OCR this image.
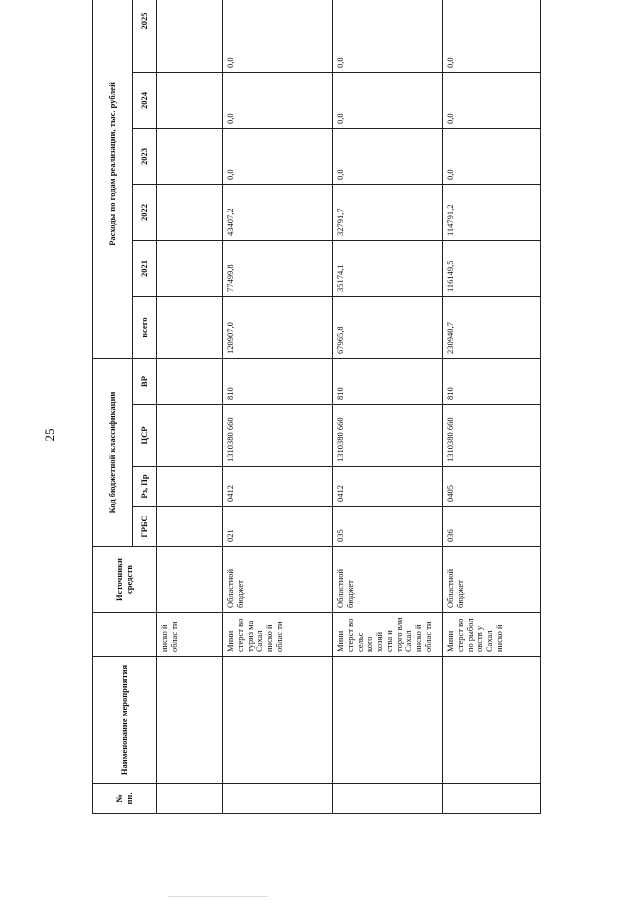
25
№ пп.	Наименование мероприятия		Источники средств	Код бюджетной классификации				Расходы по годам реализации, тыс. рублей					
				ГРБС	Рз, Пр	ЦСР	ВР	всего	2021	2022	2023	2024	2025

		инско й облас ти											
		Мини стерст во туриз ма Сахал инско й облас ти	Областной бюджет	021	0412	1310380 660	810	120907,0	77499,8	43407,2	0,0	0,0	0,0
		Мини стерст во сельс кого хозяй ства и торго вли Сахал инско й облас ти	Областной бюджет	035	0412	1310380 660	810	67965,8	35174,1	32791,7	0,0	0,0	0,0
		Мини стерст во по рыбол овств у Сахал инско й	Областной бюджет	036	0405	1310380 660	810	230940,7	116149,5	114791,2	0,0	0,0	0,0
